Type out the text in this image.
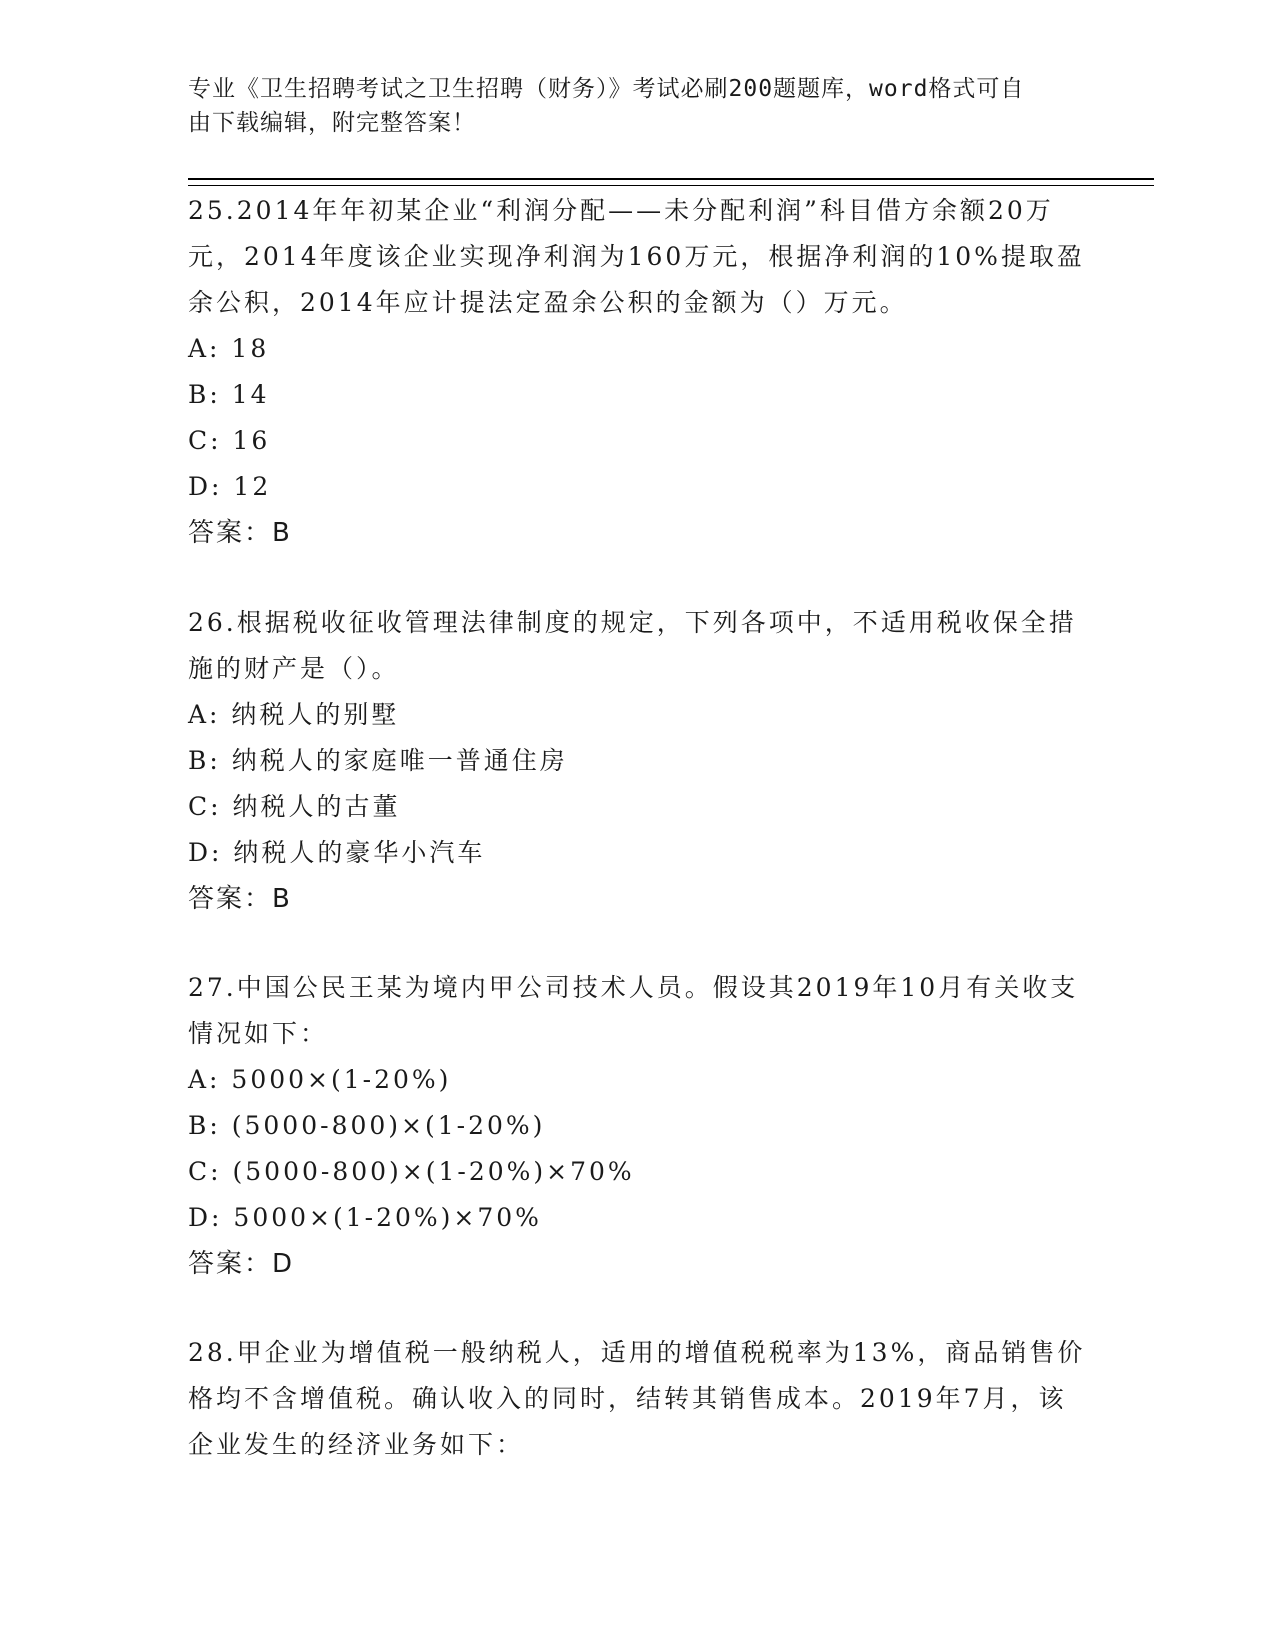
专业《卫生招聘考试之卫生招聘（财务）》考试必刷200题题库，word格式可自
由下载编辑，附完整答案！

25.2014年年初某企业“利润分配——未分配利润”科目借方余额20万元，2014年度该企业实现净利润为160万元，根据净利润的10%提取盈余公积，2014年应计提法定盈余公积的金额为（）万元。

A: 18

B: 14

C: 16

D: 12

答案：B

26.根据税收征收管理法律制度的规定，下列各项中，不适用税收保全措施的财产是（）。

A: 纳税人的别墅

B: 纳税人的家庭唯一普通住房

C: 纳税人的古董

D: 纳税人的豪华小汽车

答案：B

27.中国公民王某为境内甲公司技术人员。假设其2019年10月有关收支情况如下：

A: 5000×(1-20%)

B: (5000-800)×(1-20%)

C: (5000-800)×(1-20%)×70%

D: 5000×(1-20%)×70%

答案：D

28.甲企业为增值税一般纳税人，适用的增值税税率为13%，商品销售价格均不含增值税。确认收入的同时，结转其销售成本。2019年7月，该企业发生的经济业务如下：
